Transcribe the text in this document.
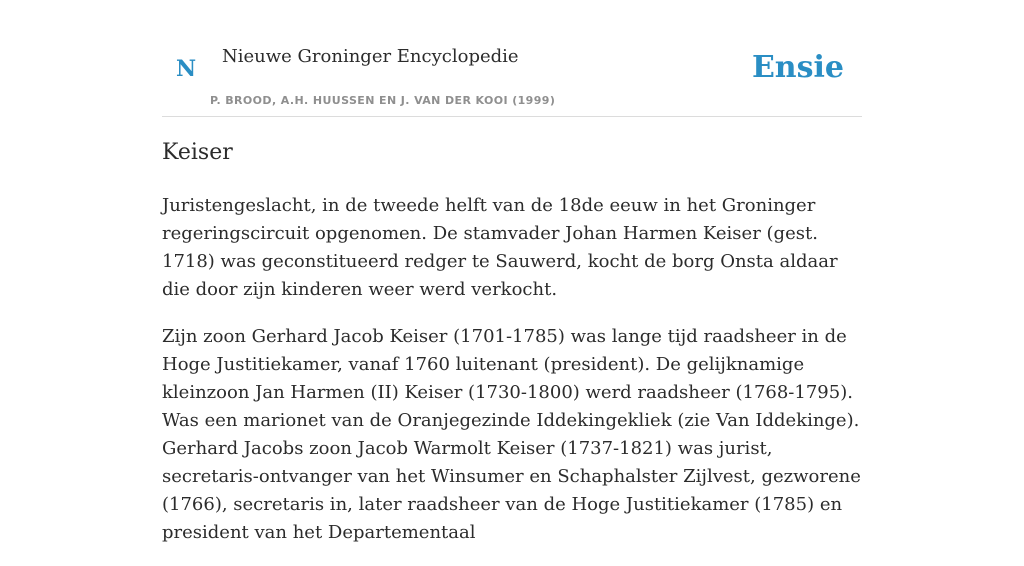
N Nieuwe Groninger Encyclopedie
P. BROOD, A.H. HUUSSEN EN J. VAN DER KOOI (1999)
Ensie
Keiser

Juristengeslacht, in de tweede helft van de 18de eeuw in het Groninger regeringscircuit opgenomen. De stamvader Johan Harmen Keiser (gest. 1718) was geconstitueerd redger te Sauwerd, kocht de borg Onsta aldaar die door zijn kinderen weer werd verkocht.

Zijn zoon Gerhard Jacob Keiser (1701-1785) was lange tijd raadsheer in de Hoge Justitiekamer, vanaf 1760 luitenant (president). De gelijknamige kleinzoon Jan Harmen (II) Keiser (1730-1800) werd raadsheer (1768-1795). Was een marionet van de Oranjegezinde Iddekingekliek (zie Van Iddekinge). Gerhard Jacobs zoon Jacob Warmolt Keiser (1737-1821) was jurist, secretaris-ontvanger van het Winsumer en Schaphalster Zijlvest, gezworene (1766), secretaris in, later raadsheer van de Hoge Justitiekamer (1785) en president van het Departementaal
